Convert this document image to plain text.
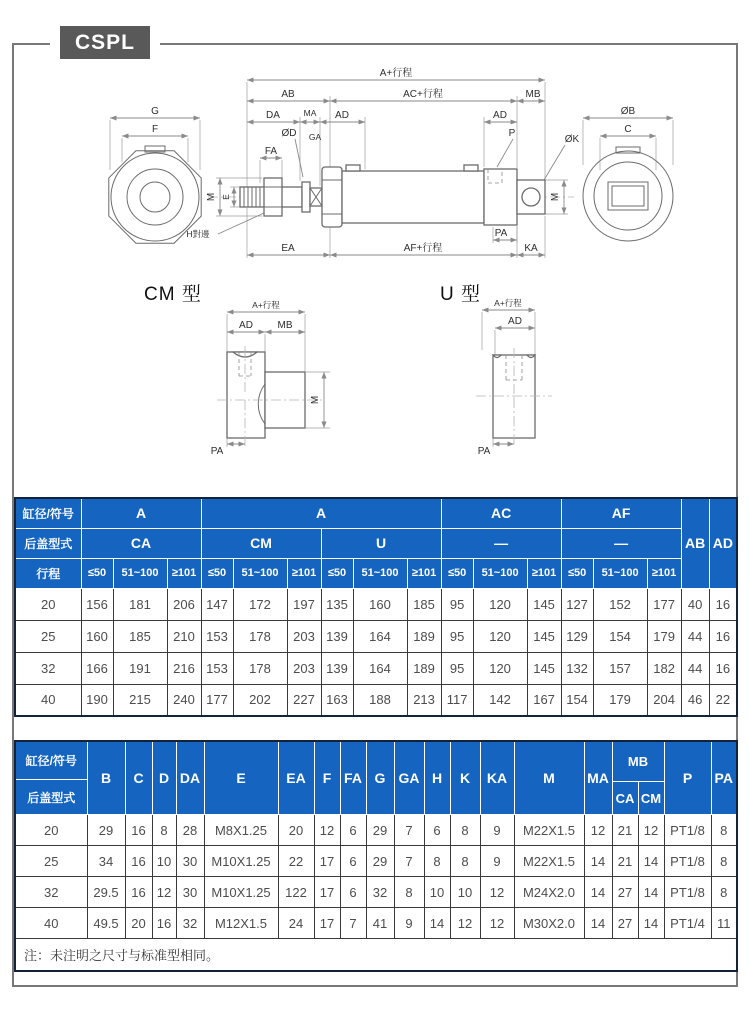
CSPL
A+行程
AB	AC+行程	MB
DA	MA AD	AD
ØD GA
FA
P
ØK
H對邊
EA	AF+行程	KA
PA
M E	M
G
F
ØB
C
CM 型	A+行程
AD MB
M
PA
U 型 A+行程
AD
PA
缸径/符号	A			A						AC			AF			AB	AD
后盖型式	CA			CM			U			—			—				
行程	≤50	51~100	≥101	≤50	51~100	≥101	≤50	51~100	≥101	≤50	51~100	≥101	≤50	51~100	≥101		
20	156	181	206	147	172	197	135	160	185	95	120	145	127	152	177	40	16
25	160	185	210	153	178	203	139	164	189	95	120	145	129	154	179	44	16
32	166	191	216	153	178	203	139	164	189	95	120	145	132	157	182	44	16
40	190	215	240	177	202	227	163	188	213	117	142	167	154	179	204	46	22
缸径/符号
后盖型式	B	C	D	DA	E	EA	F	FA	G	GA	H	K	KA	M	MA	MB		P	PA
																CA	CM		
20	29	16	8	28	M8X1.25	20	12	6	29	7	6	8	9	M22X1.5	12	21	12	PT1/8	8
25	34	16	10	30	M10X1.25	22	17	6	29	7	8	8	9	M22X1.5	14	21	14	PT1/8	8
32	29.5	16	12	30	M10X1.25	122	17	6	32	8	10	10	12	M24X2.0	14	27	14	PT1/8	8
40	49.5	20	16	32	M12X1.5	24	17	7	41	9	14	12	12	M30X2.0	14	27	14	PT1/4	11
注：未注明之尺寸与标准型相同。																			
